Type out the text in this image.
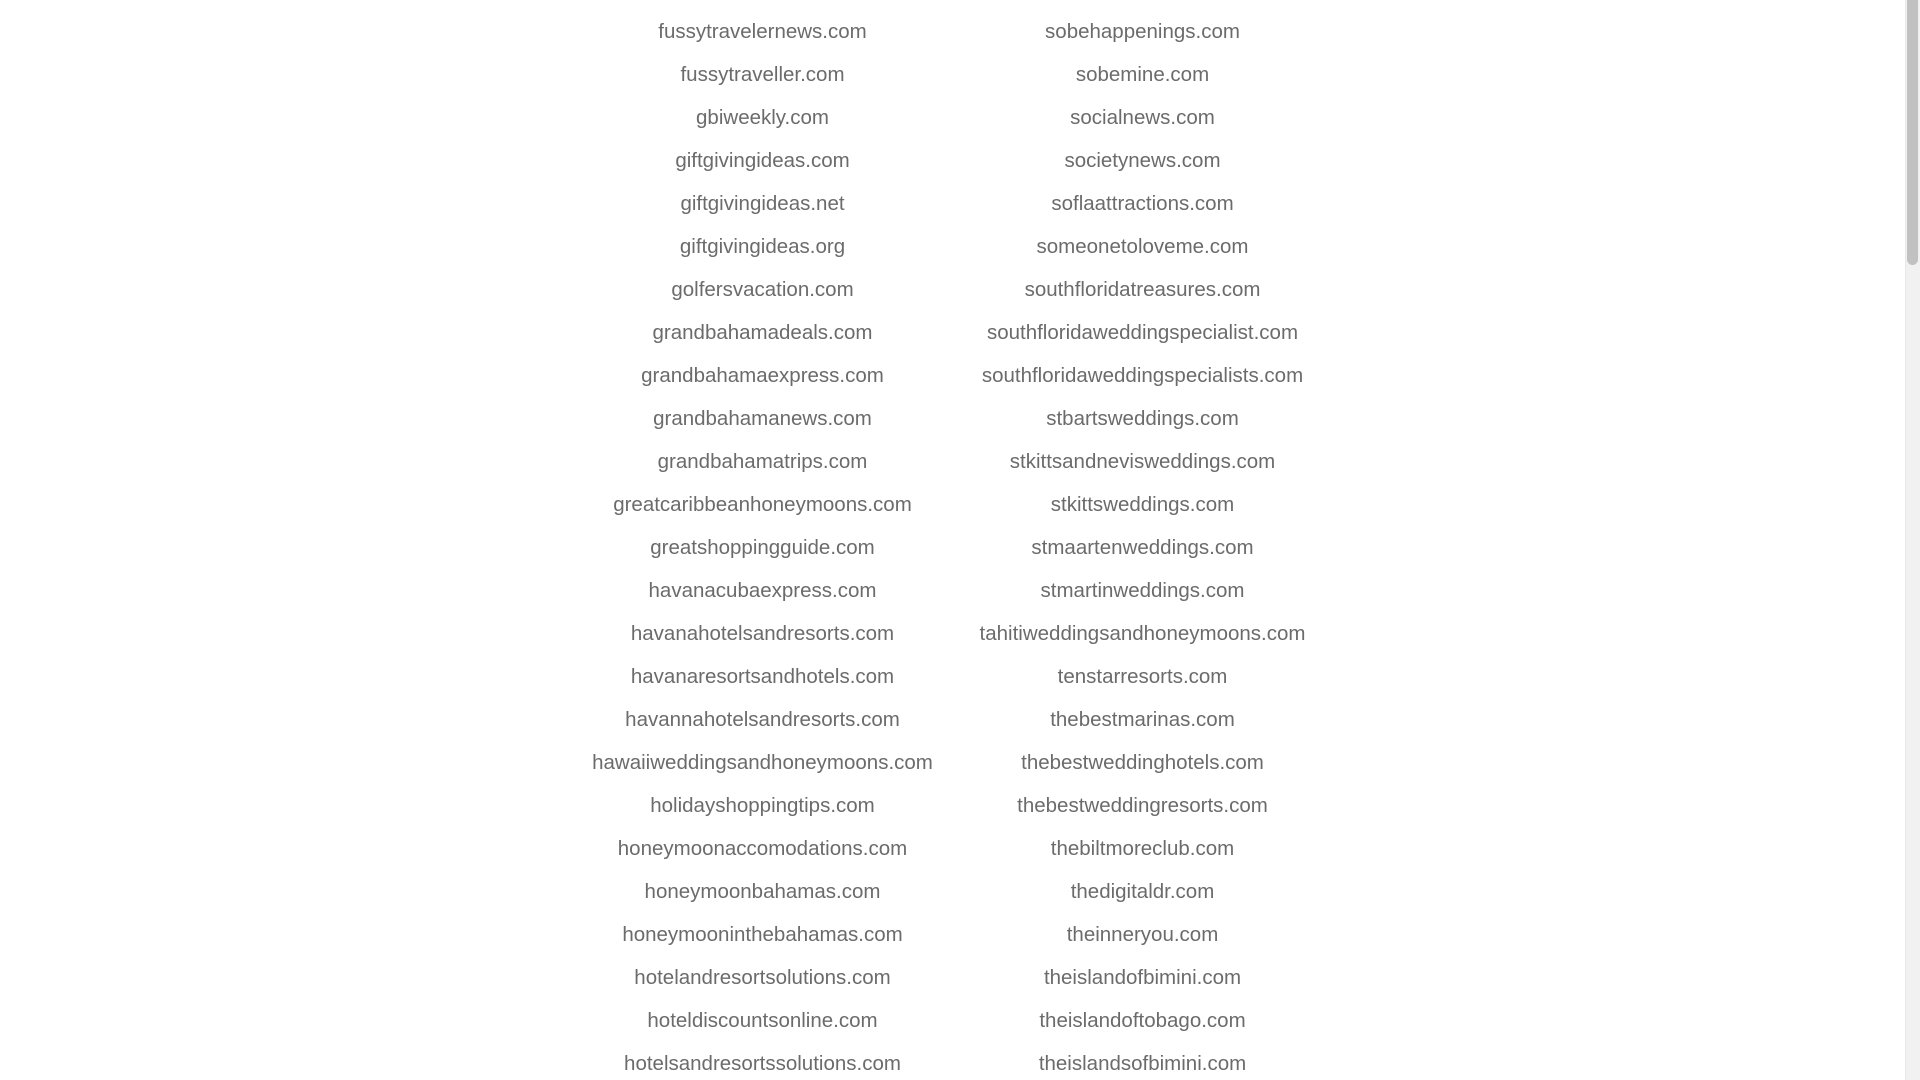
fussytravelernews.com
fussytraveller.com
gbiweekly.com
giftgivingideas.com
giftgivingideas.net
giftgivingideas.org
golfersvacation.com
grandbahamadeals.com
grandbahamaexpress.com
grandbahamanews.com
grandbahamatrips.com
greatcaribbeanhoneymoons.com
greatshoppingguide.com
havanacubaexpress.com
havanahotelsandresorts.com
havanaresortsandhotels.com
havannahotelsandresorts.com
hawaiiweddingsandhoneymoons.com
holidayshoppingtips.com
honeymoonaccomodations.com
honeymoonbahamas.com
honeymooninthebahamas.com
hotelandresortsolutions.com
hoteldiscountsonline.com
hotelsandresortssolutions.com
sobehappenings.com
sobemine.com
socialnews.com
societynews.com
soflaattractions.com
someonetoloveme.com
southfloridatreasures.com
southfloridaweddingspecialist.com
southfloridaweddingspecialists.com
stbartsweddings.com
stkittsandnevisweddings.com
stkittsweddings.com
stmaartenweddings.com
stmartinweddings.com
tahitiweddingsandhoneymoons.com
tenstarresorts.com
thebestmarinas.com
thebestweddinghotels.com
thebestweddingresorts.com
thebiltmoreclub.com
thedigitaldr.com
theinneryou.com
theislandofbimini.com
theislandoftobago.com
theislandsofbimini.com
